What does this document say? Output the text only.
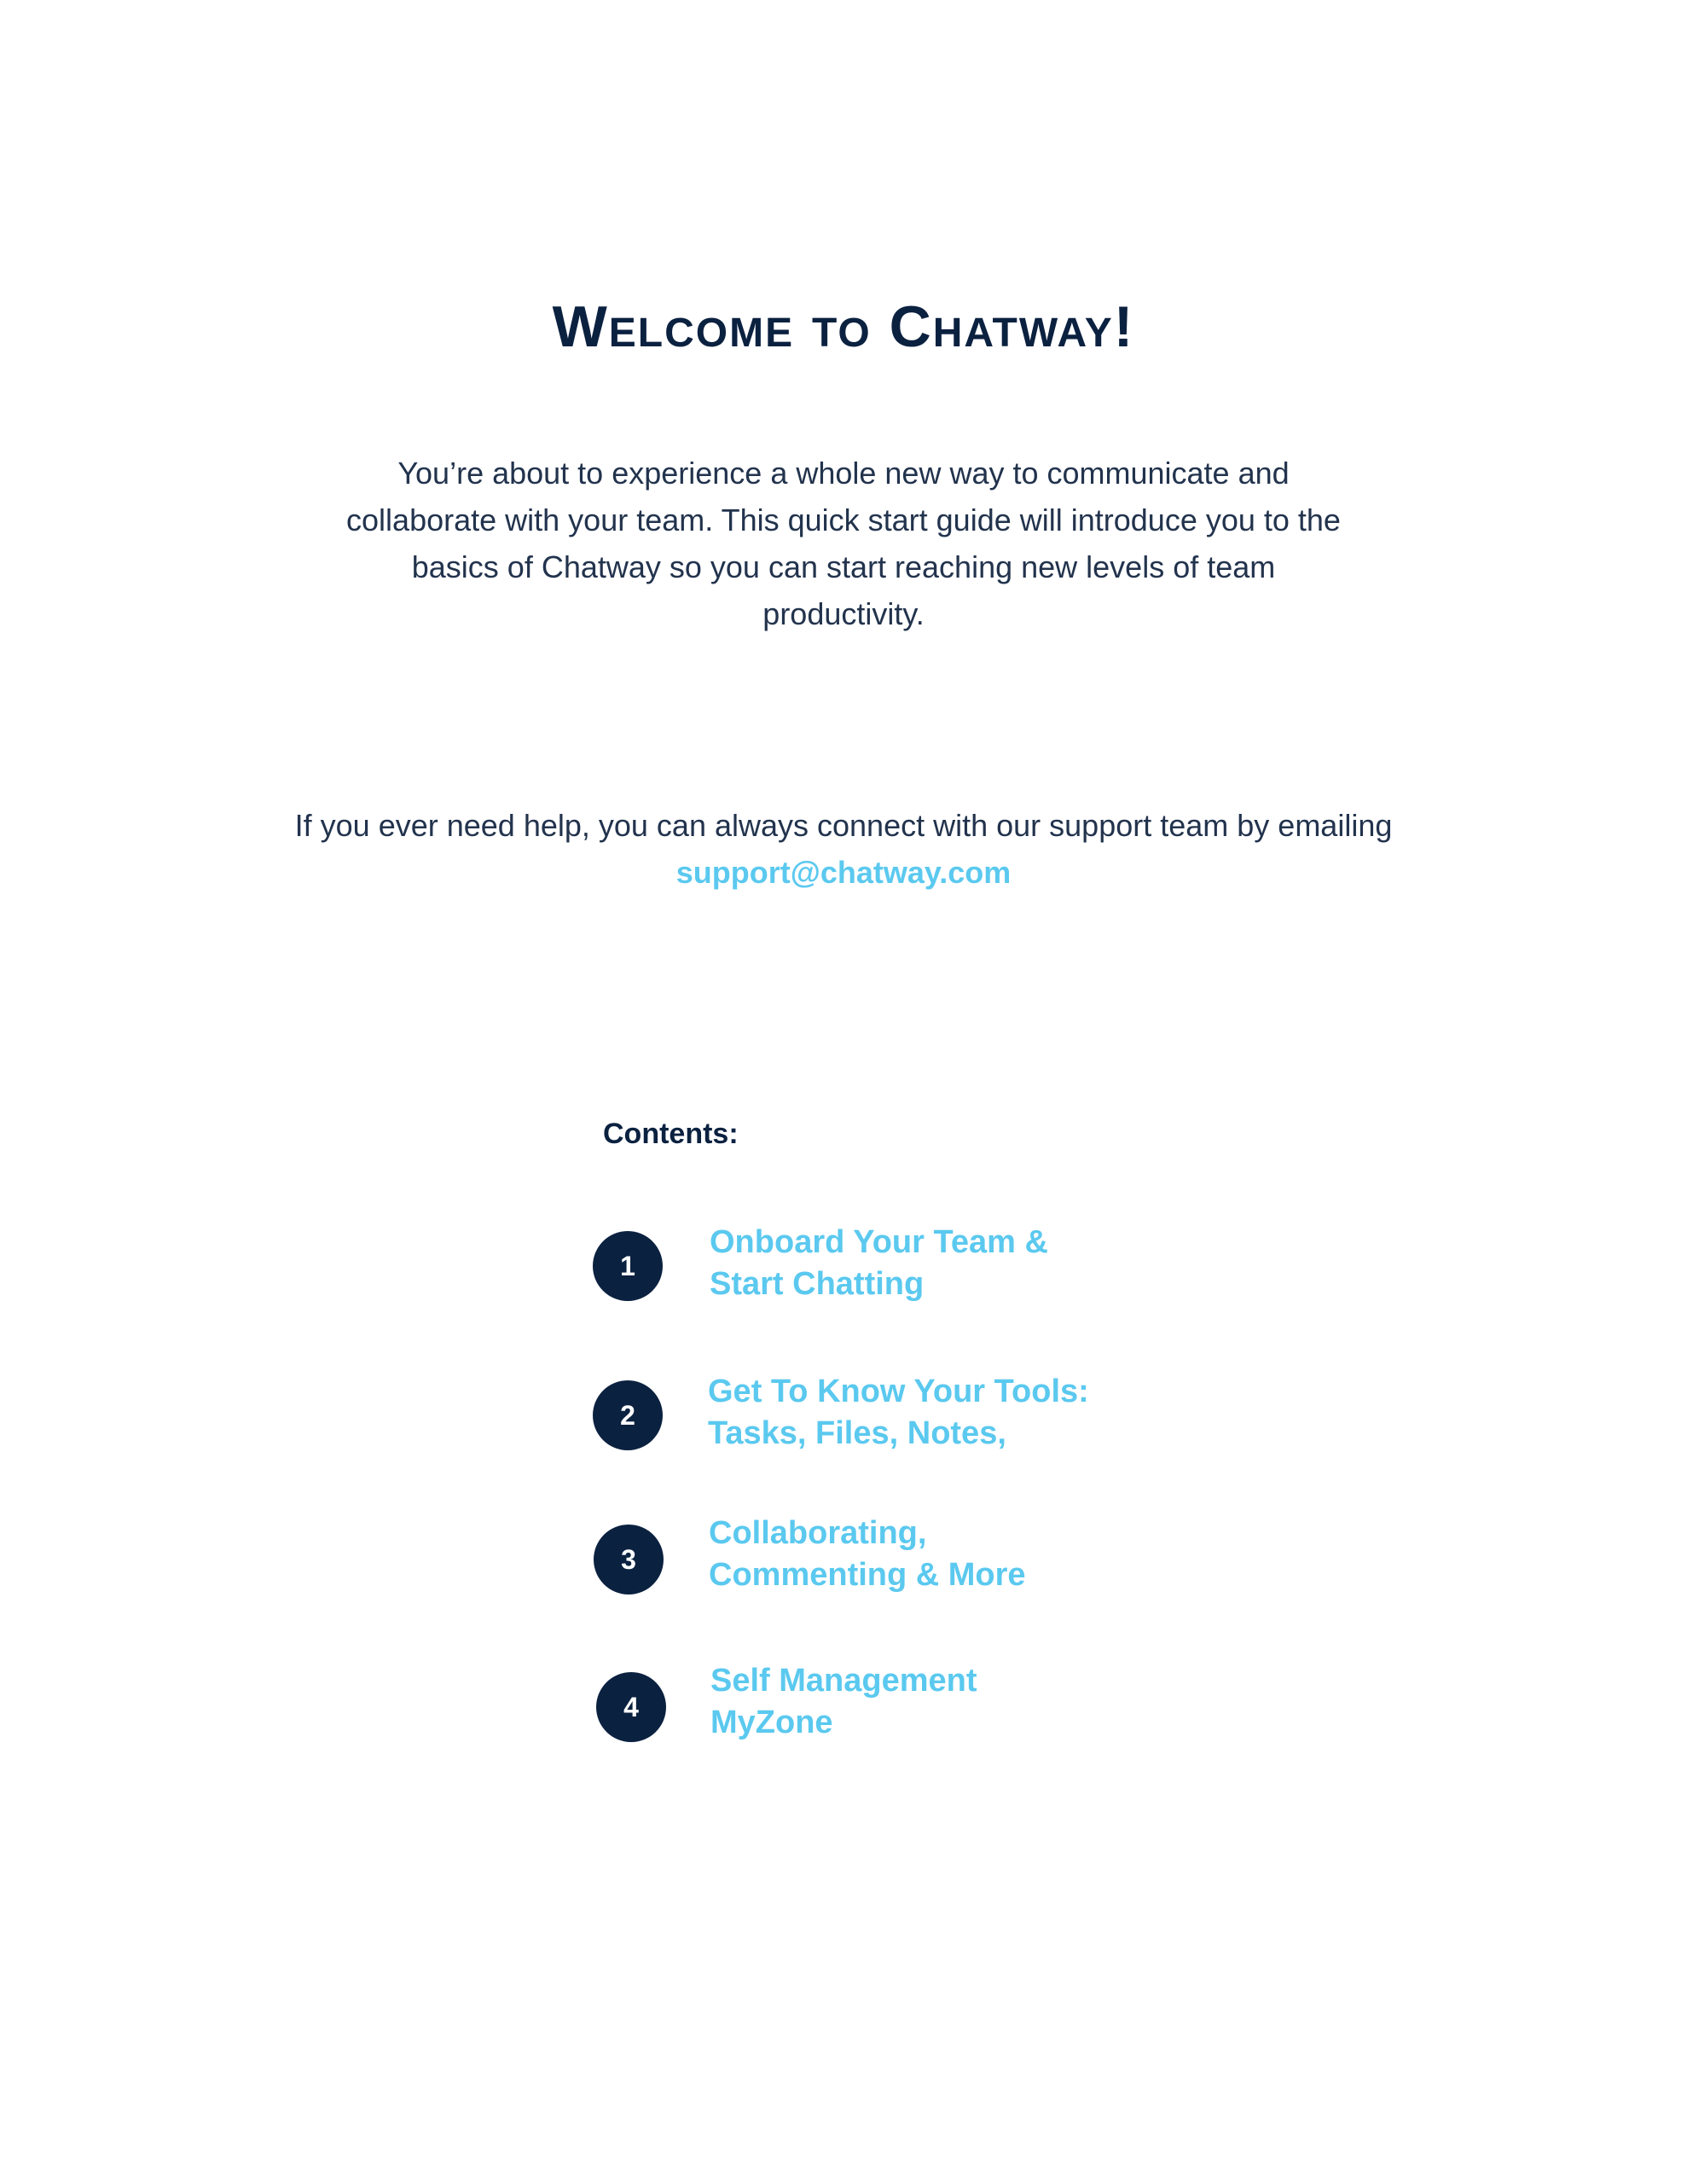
Welcome to Chatway!

You’re about to experience a whole new way to communicate and collaborate with your team. This quick start guide will introduce you to the basics of Chatway so you can start reaching new levels of team productivity.

If you ever need help, you can always connect with our support team by emailing support@chatway.com

Contents:
1
Onboard Your Team &
Start Chatting
2
Get To Know Your Tools:
Tasks, Files, Notes,
3
Collaborating,
Commenting & More
4
Self Management
MyZone
